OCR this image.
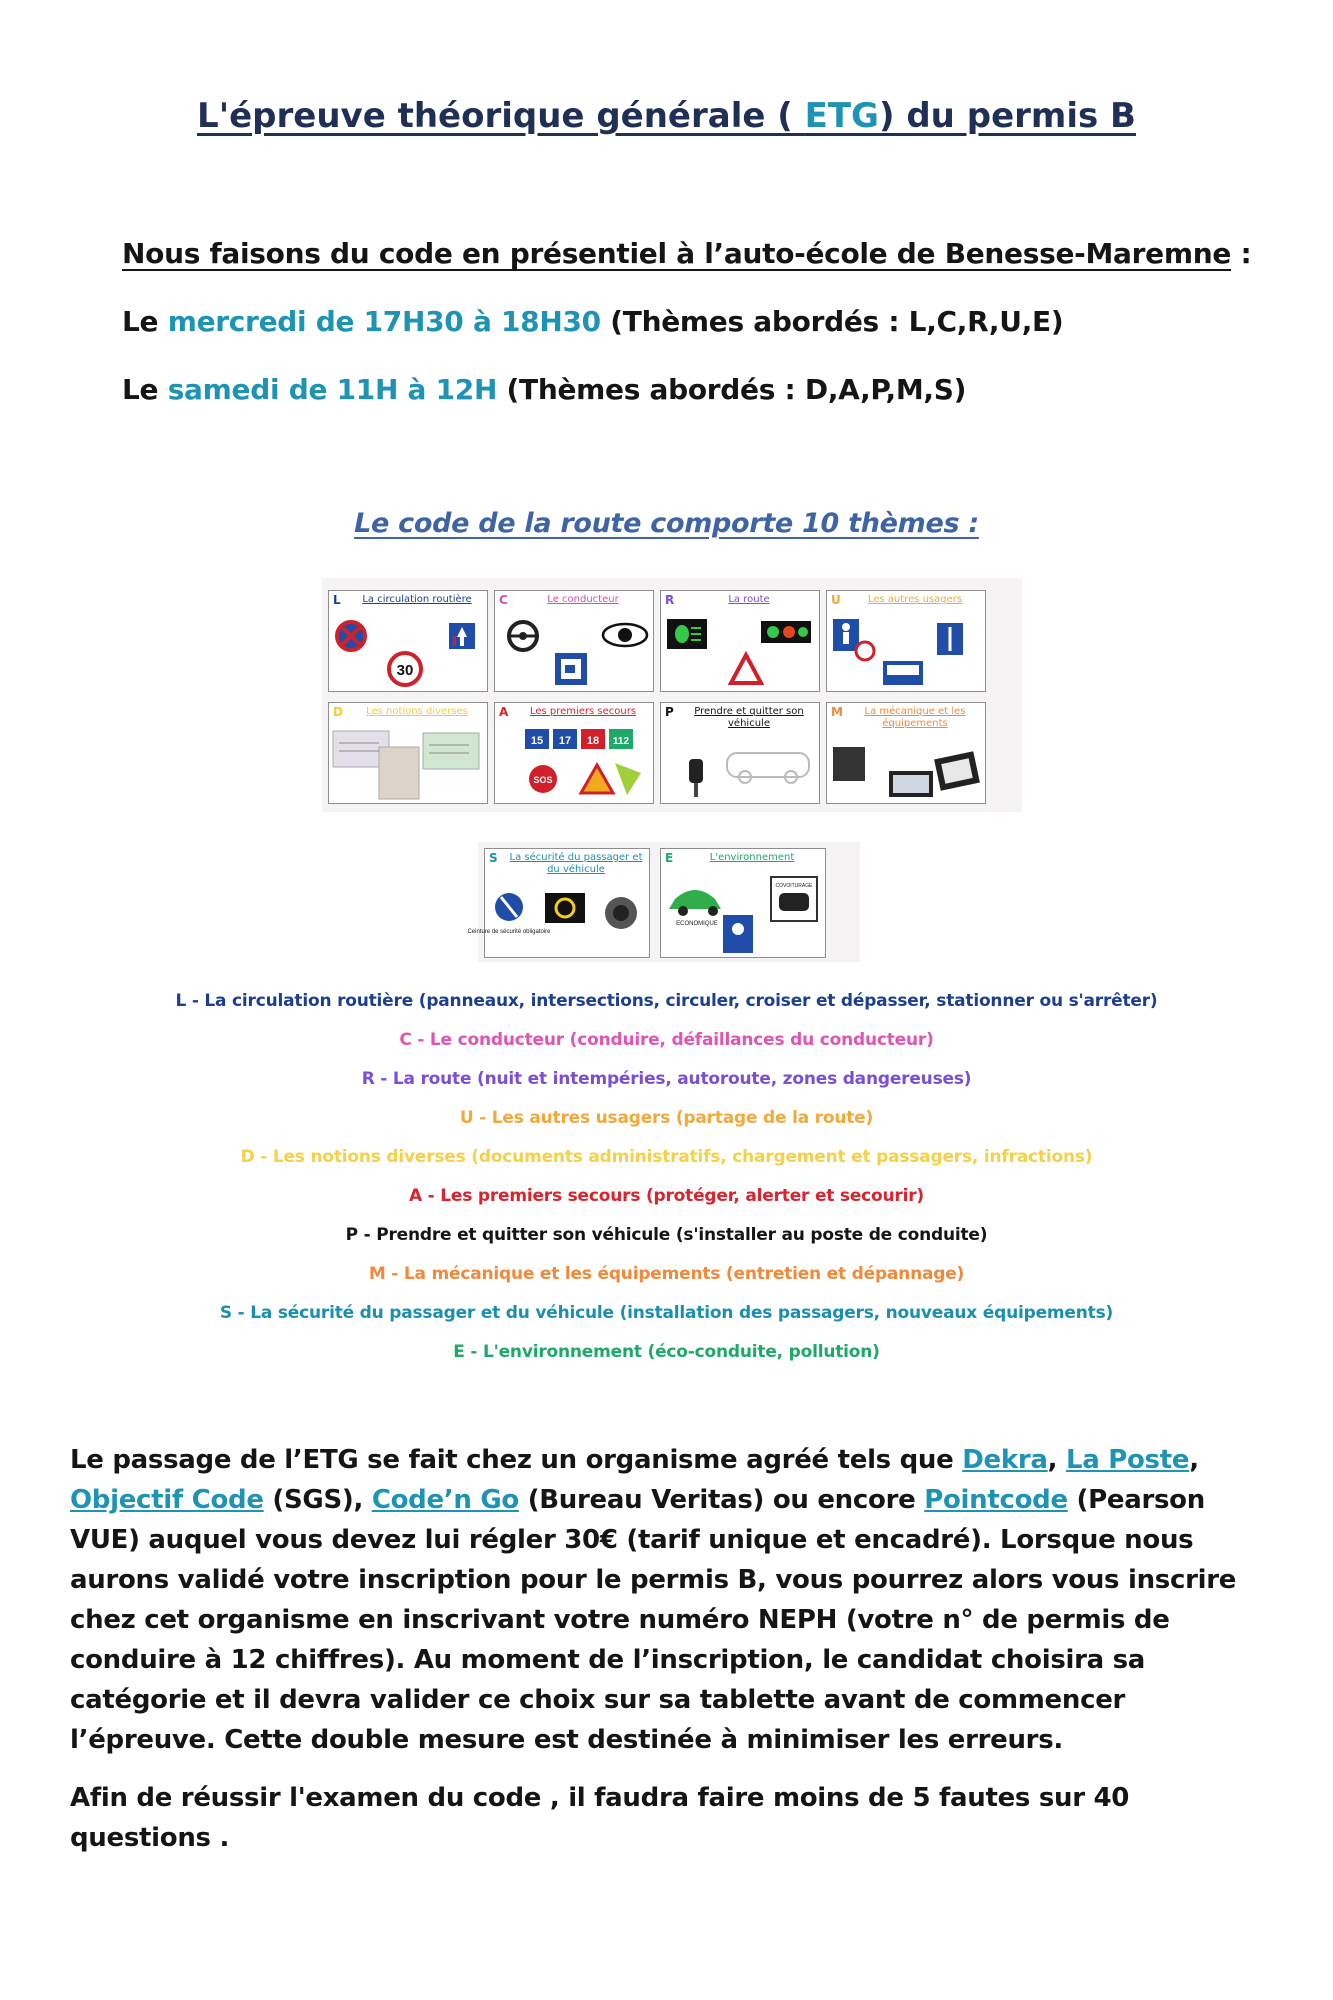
L'épreuve théorique générale ( ETG) du permis B
Nous faisons du code en présentiel à l’auto-école de Benesse-Maremne :
Le mercredi de 17H30 à 18H30 (Thèmes abordés : L,C,R,U,E)
Le samedi de 11H à 12H (Thèmes abordés : D,A,P,M,S)
Le code de la route comporte 10 thèmes :
L	La circulation routière
30
C	Le conducteur	R	La route	U	Les autres usagers
D	Les notions diverses	A	Les premiers secours
15 17 18 112
SOS
P	Prendre et quitter son véhicule
M	La mécanique et les équipements
S La sécurité du passager et du véhicule
Ceinture de sécurité obligatoire
E	L'environnement
ECONOMIQUE
COVOITURAGE
L - La circulation routière (panneaux, intersections, circuler, croiser et dépasser, stationner ou s'arrêter)
C - Le conducteur (conduire, défaillances du conducteur)
R - La route (nuit et intempéries, autoroute, zones dangereuses)
U - Les autres usagers (partage de la route)
D - Les notions diverses (documents administratifs, chargement et passagers, infractions)
A - Les premiers secours (protéger, alerter et secourir)
P - Prendre et quitter son véhicule (s'installer au poste de conduite)
M - La mécanique et les équipements (entretien et dépannage)
S - La sécurité du passager et du véhicule (installation des passagers, nouveaux équipements)
E - L'environnement (éco-conduite, pollution)
Le passage de l’ETG se fait chez un organisme agréé tels que Dekra, La Poste, Objectif Code (SGS), Code’n Go (Bureau Veritas) ou encore Pointcode (Pearson VUE) auquel vous devez lui régler 30€ (tarif unique et encadré). Lorsque nous aurons validé votre inscription pour le permis B, vous pourrez alors vous inscrire chez cet organisme en inscrivant votre numéro NEPH (votre n° de permis de conduire à 12 chiffres). Au moment de l’inscription, le candidat choisira sa catégorie et il devra valider ce choix sur sa tablette avant de commencer l’épreuve. Cette double mesure est destinée à minimiser les erreurs.
Afin de réussir l'examen du code , il faudra faire moins de 5 fautes sur 40 questions .
